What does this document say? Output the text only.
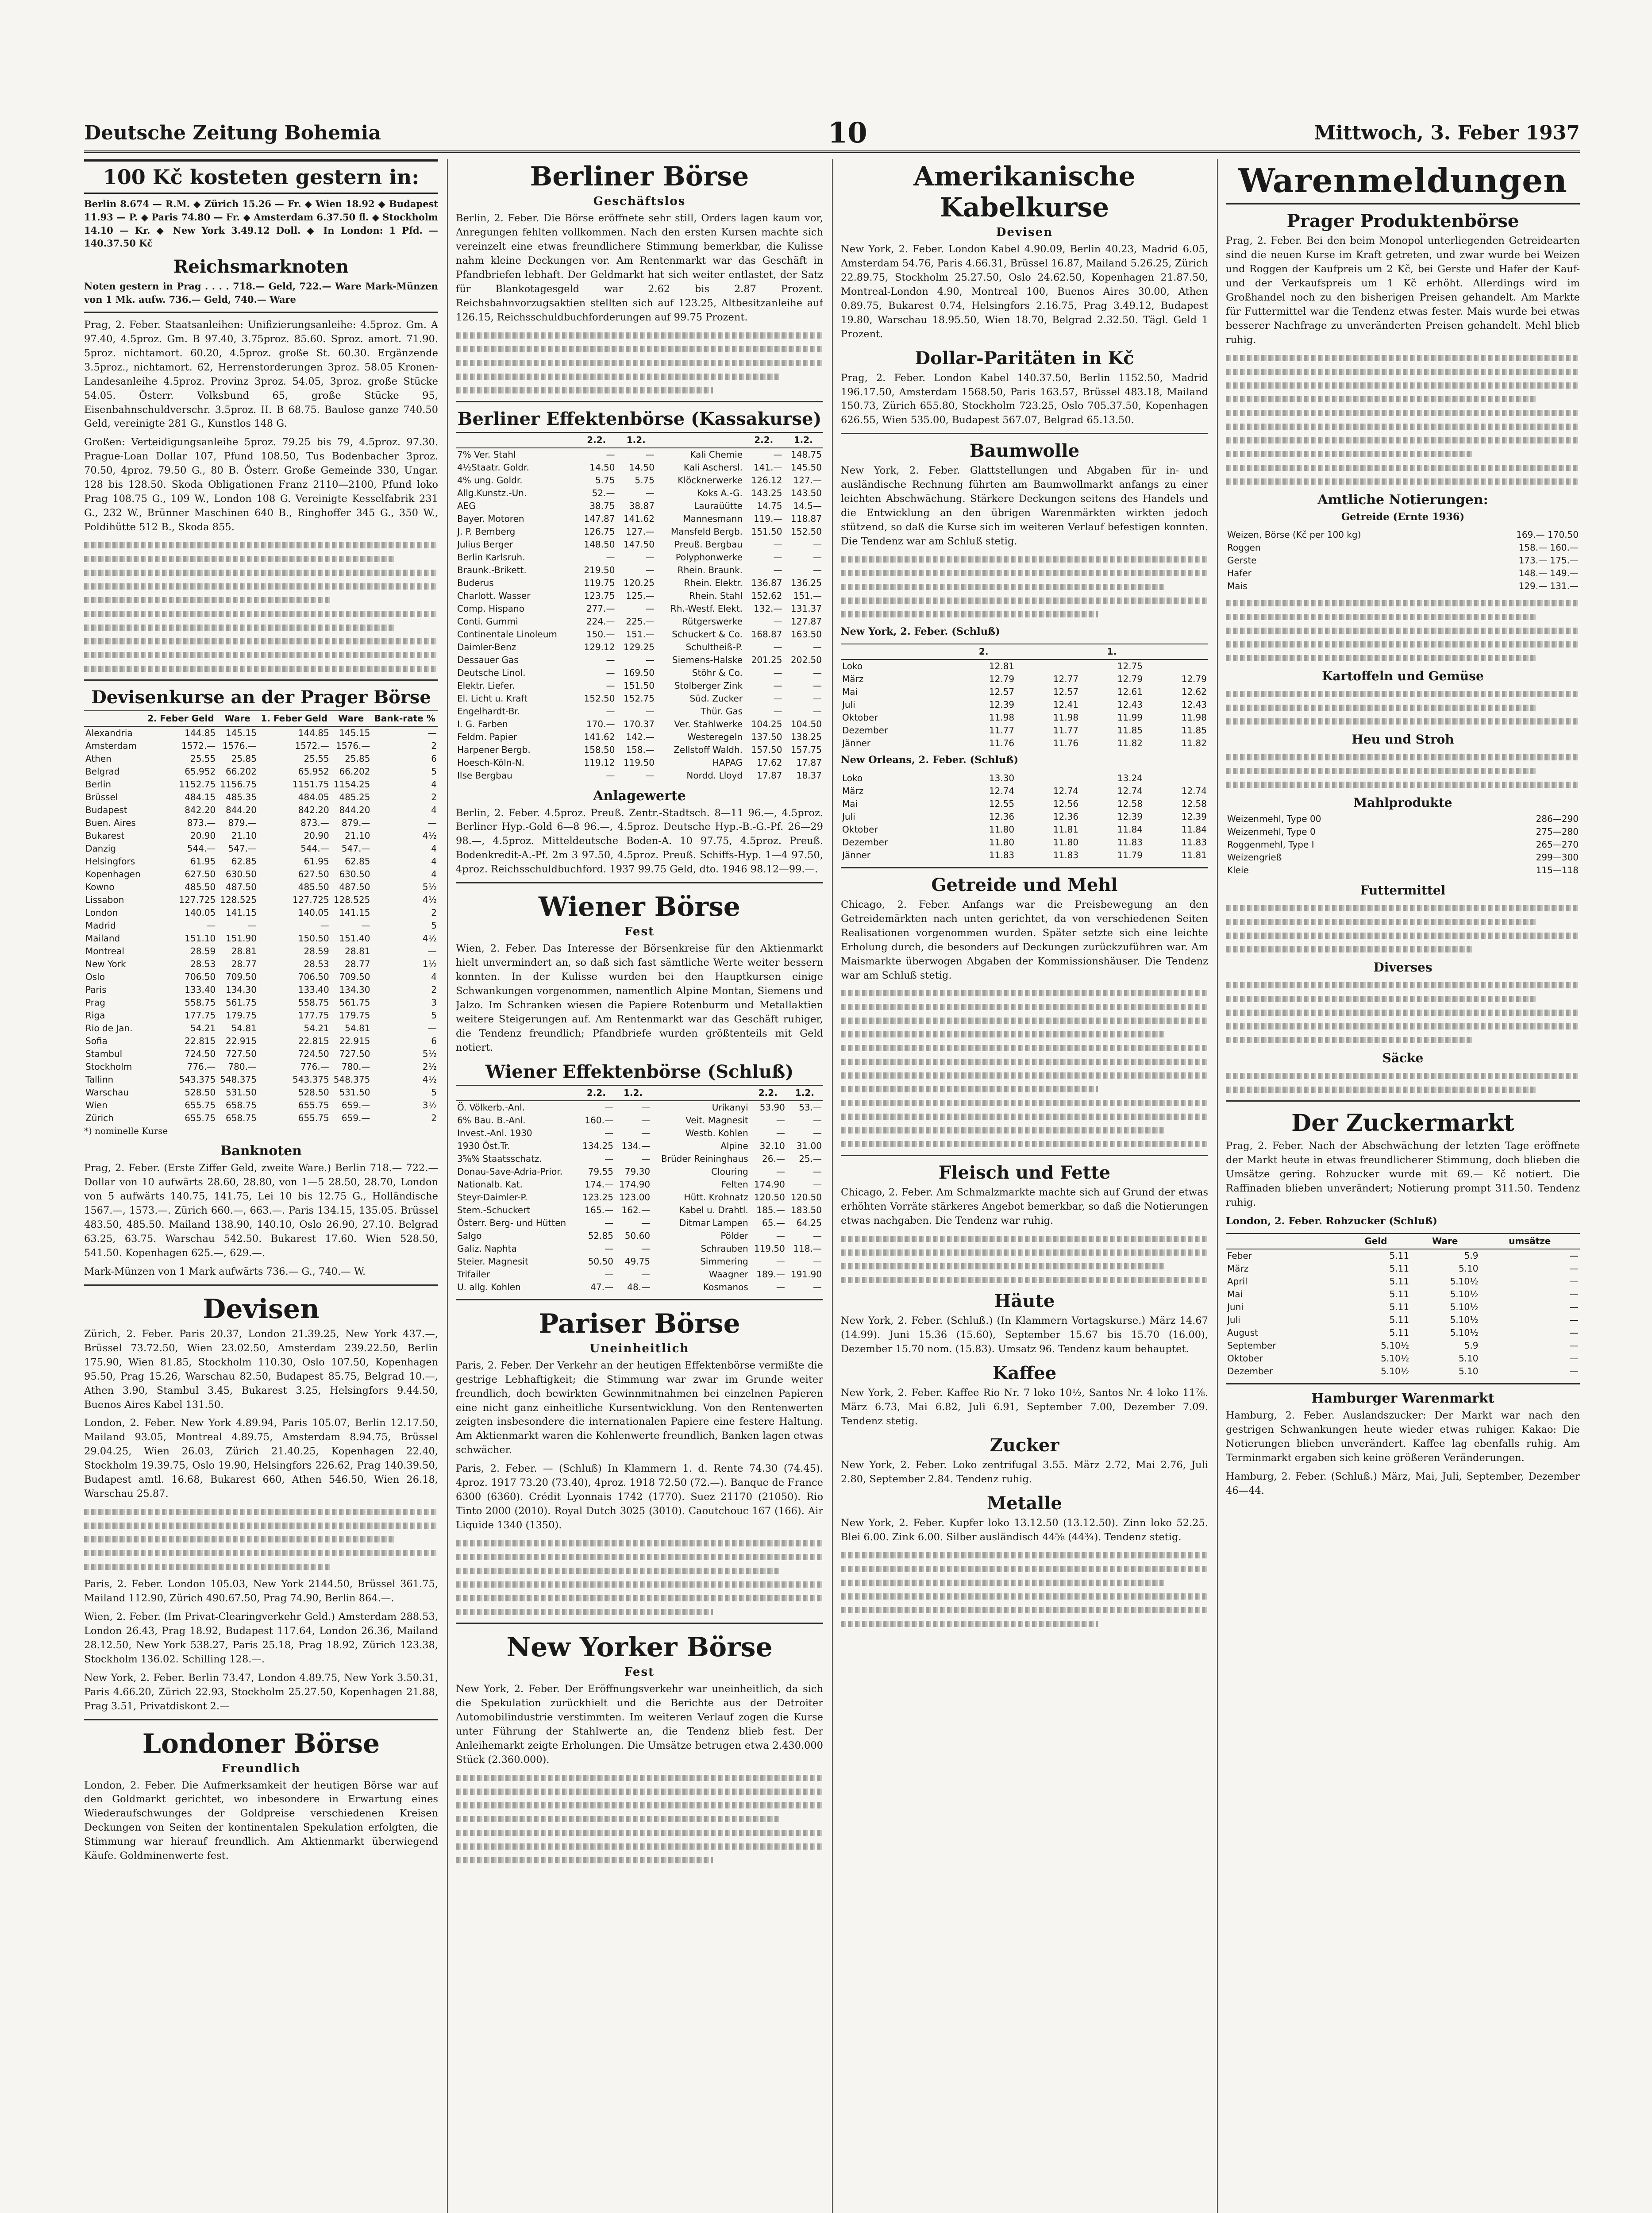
Deutsche Zeitung Bohemia	10	Mittwoch, 3. Feber 1937
100 Kč kosteten gestern in:

Berlin 8.674 — R.M. ◆ Zürich 15.26 — Fr. ◆ Wien 18.92 ◆ Budapest 11.93 — P. ◆ Paris 74.80 — Fr. ◆ Amsterdam 6.37.50 fl. ◆ Stockholm 14.10 — Kr. ◆ New York 3.49.12 Doll. ◆ In London: 1 Pfd. — 140.37.50 Kč

Reichsmarknoten

Noten gestern in Prag . . . . 718.— Geld, 722.— Ware Mark-Münzen von 1 Mk. aufw. 736.— Geld, 740.— Ware

Prag, 2. Feber. Staatsanleihen: Unifizierungsanleihe: 4.5proz. Gm. A 97.40, 4.5proz. Gm. B 97.40, 3.75proz. 85.60. Sproz. amort. 71.90. 5proz. nichtamort. 60.20, 4.5proz. große St. 60.30. Ergänzende 3.5proz., nichtamort. 62, Herrenstorderungen 3proz. 58.05 Kronen-Landesanleihe 4.5proz. Provinz 3proz. 54.05, 3proz. große Stücke 54.05. Österr. Volksbund 65, große Stücke 95, Eisenbahnschuldverschr. 3.5proz. II. B 68.75. Baulose ganze 740.50 Geld, vereinigte 281 G., Kunstlos 148 G.

Großen: Verteidigungsanleihe 5proz. 79.25 bis 79, 4.5proz. 97.30. Prague-Loan Dollar 107, Pfund 108.50, Tus Bodenbacher 3proz. 70.50, 4proz. 79.50 G., 80 B. Österr. Große Gemeinde 330, Ungar. 128 bis 128.50. Skoda Obligationen Franz 2110—2100, Pfund loko Prag 108.75 G., 109 W., London 108 G. Vereinigte Kesselfabrik 231 G., 232 W., Brünner Maschinen 640 B., Ringhoffer 345 G., 350 W., Poldihütte 512 B., Skoda 855.

Devisenkurse an der Prager Börse
	2. Feber Geld	Ware	1. Feber Geld	Ware	Bank-rate %
Alexandria	144.85	145.15	144.85	145.15	—
Amsterdam	1572.—	1576.—	1572.—	1576.—	2
Athen	25.55	25.85	25.55	25.85	6
Belgrad	65.952	66.202	65.952	66.202	5
Berlin	1152.75	1156.75	1151.75	1154.25	4
Brüssel	484.15	485.35	484.05	485.25	2
Budapest	842.20	844.20	842.20	844.20	4
Buen. Aires	873.—	879.—	873.—	879.—	—
Bukarest	20.90	21.10	20.90	21.10	4½
Danzig	544.—	547.—	544.—	547.—	4
Helsingfors	61.95	62.85	61.95	62.85	4
Kopenhagen	627.50	630.50	627.50	630.50	4
Kowno	485.50	487.50	485.50	487.50	5½
Lissabon	127.725	128.525	127.725	128.525	4½
London	140.05	141.15	140.05	141.15	2
Madrid	—	—	—	—	5
Mailand	151.10	151.90	150.50	151.40	4½
Montreal	28.59	28.81	28.59	28.81	—
New York	28.53	28.77	28.53	28.77	1½
Oslo	706.50	709.50	706.50	709.50	4
Paris	133.40	134.30	133.40	134.30	2
Prag	558.75	561.75	558.75	561.75	3
Riga	177.75	179.75	177.75	179.75	5
Rio de Jan.	54.21	54.81	54.21	54.81	—
Sofia	22.815	22.915	22.815	22.915	6
Stambul	724.50	727.50	724.50	727.50	5½
Stockholm	776.—	780.—	776.—	780.—	2½
Tallinn	543.375	548.375	543.375	548.375	4½
Warschau	528.50	531.50	528.50	531.50	5
Wien	655.75	658.75	655.75	659.—	3½
Zürich	655.75	658.75	655.75	659.—	2

*) nominelle Kurse

Banknoten

Prag, 2. Feber. (Erste Ziffer Geld, zweite Ware.) Berlin 718.— 722.— Dollar von 10 aufwärts 28.60, 28.80, von 1—5 28.50, 28.70, London von 5 aufwärts 140.75, 141.75, Lei 10 bis 12.75 G., Holländische 1567.—, 1573.—. Zürich 660.—, 663.—. Paris 134.15, 135.05. Brüssel 483.50, 485.50. Mailand 138.90, 140.10, Oslo 26.90, 27.10. Belgrad 63.25, 63.75. Warschau 542.50. Bukarest 17.60. Wien 528.50, 541.50. Kopenhagen 625.—, 629.—.

Mark-Münzen von 1 Mark aufwärts 736.— G., 740.— W.

Devisen

Zürich, 2. Feber. Paris 20.37, London 21.39.25, New York 437.—, Brüssel 73.72.50, Wien 23.02.50, Amsterdam 239.22.50, Berlin 175.90, Wien 81.85, Stockholm 110.30, Oslo 107.50, Kopenhagen 95.50, Prag 15.26, Warschau 82.50, Budapest 85.75, Belgrad 10.—, Athen 3.90, Stambul 3.45, Bukarest 3.25, Helsingfors 9.44.50, Buenos Aires Kabel 131.50.

London, 2. Feber. New York 4.89.94, Paris 105.07, Berlin 12.17.50, Mailand 93.05, Montreal 4.89.75, Amsterdam 8.94.75, Brüssel 29.04.25, Wien 26.03, Zürich 21.40.25, Kopenhagen 22.40, Stockholm 19.39.75, Oslo 19.90, Helsingfors 226.62, Prag 140.39.50, Budapest amtl. 16.68, Bukarest 660, Athen 546.50, Wien 26.18, Warschau 25.87.

Paris, 2. Feber. London 105.03, New York 2144.50, Brüssel 361.75, Mailand 112.90, Zürich 490.67.50, Prag 74.90, Berlin 864.—.

Wien, 2. Feber. (Im Privat-Clearingverkehr Geld.) Amsterdam 288.53, London 26.43, Prag 18.92, Budapest 117.64, London 26.36, Mailand 28.12.50, New York 538.27, Paris 25.18, Prag 18.92, Zürich 123.38, Stockholm 136.02. Schilling 128.—.

New York, 2. Feber. Berlin 73.47, London 4.89.75, New York 3.50.31, Paris 4.66.20, Zürich 22.93, Stockholm 25.27.50, Kopenhagen 21.88, Prag 3.51, Privatdiskont 2.—

Londoner Börse
Freundlich

London, 2. Feber. Die Aufmerksamkeit der heutigen Börse war auf den Goldmarkt gerichtet, wo inbesondere in Erwartung eines Wiederaufschwunges der Goldpreise verschiedenen Kreisen Deckungen von Seiten der kontinentalen Spekulation erfolgten, die Stimmung war hierauf freundlich. Am Aktienmarkt überwiegend Käufe. Goldminenwerte fest.

Berliner Börse
Geschäftslos

Berlin, 2. Feber. Die Börse eröffnete sehr still, Orders lagen kaum vor, Anregungen fehlten vollkommen. Nach den ersten Kursen machte sich vereinzelt eine etwas freundlichere Stimmung bemerkbar, die Kulisse nahm kleine Deckungen vor. Am Rentenmarkt war das Geschäft in Pfandbriefen lebhaft. Der Geldmarkt hat sich weiter entlastet, der Satz für Blankotagesgeld war 2.62 bis 2.87 Prozent. Reichsbahnvorzugsaktien stellten sich auf 123.25, Altbesitzanleihe auf 126.15, Reichsschuldbuchforderungen auf 99.75 Prozent.

Berliner Effektenbörse (Kassakurse)
	2.2.	1.2.		2.2.	1.2.
7% Ver. Stahl	—	—	Kali Chemie	—	148.75
4½Staatr. Goldr.	14.50	14.50	Kali Aschersl.	141.—	145.50
4% ung. Goldr.	5.75	5.75	Klöcknerwerke	126.12	127.—
Allg.Kunstz.-Un.	52.—	—	Koks A.-G.	143.25	143.50
AEG	38.75	38.87	Lauraüütte	14.75	14.5—
Bayer. Motoren	147.87	141.62	Mannesmann	119.—	118.87
J. P. Bemberg	126.75	127.—	Mansfeld Bergb.	151.50	152.50
Julius Berger	148.50	147.50	Preuß. Bergbau	—	—
Berlin Karlsruh.	—	—	Polyphonwerke	—	—
Braunk.-Brikett.	219.50	—	Rhein. Braunk.	—	—
Buderus	119.75	120.25	Rhein. Elektr.	136.87	136.25
Charlott. Wasser	123.75	125.—	Rhein. Stahl	152.62	151.—
Comp. Hispano	277.—	—	Rh.-Westf. Elekt.	132.—	131.37
Conti. Gummi	224.—	225.—	Rütgerswerke	—	127.87
Continentale Linoleum	150.—	151.—	Schuckert & Co.	168.87	163.50
Daimler-Benz	129.12	129.25	Schultheiß-P.	—	—
Dessauer Gas	—	—	Siemens-Halske	201.25	202.50
Deutsche Linol.	—	169.50	Stöhr & Co.	—	—
Elektr. Liefer.	—	151.50	Stolberger Zink	—	—
El. Licht u. Kraft	152.50	152.75	Süd. Zucker	—	—
Engelhardt-Br.	—	—	Thür. Gas	—	—
I. G. Farben	170.—	170.37	Ver. Stahlwerke	104.25	104.50
Feldm. Papier	141.62	142.—	Westeregeln	137.50	138.25
Harpener Bergb.	158.50	158.—	Zellstoff Waldh.	157.50	157.75
Hoesch-Köln-N.	119.12	119.50	HAPAG	17.62	17.87
Ilse Bergbau	—	—	Nordd. Lloyd	17.87	18.37
Anlagewerte

Berlin, 2. Feber. 4.5proz. Preuß. Zentr.-Stadtsch. 8—11 96.—, 4.5proz. Berliner Hyp.-Gold 6—8 96.—, 4.5proz. Deutsche Hyp.-B.-G.-Pf. 26—29 98.—, 4.5proz. Mitteldeutsche Boden-A. 10 97.75, 4.5proz. Preuß. Bodenkredit-A.-Pf. 2m 3 97.50, 4.5proz. Preuß. Schiffs-Hyp. 1—4 97.50, 4proz. Reichsschuldbuchford. 1937 99.75 Geld, dto. 1946 98.12—99.—.

Wiener Börse
Fest

Wien, 2. Feber. Das Interesse der Börsenkreise für den Aktienmarkt hielt unvermindert an, so daß sich fast sämtliche Werte weiter bessern konnten. In der Kulisse wurden bei den Hauptkursen einige Schwankungen vorgenommen, namentlich Alpine Montan, Siemens und Jalzo. Im Schranken wiesen die Papiere Rotenburm und Metallaktien weitere Steigerungen auf. Am Rentenmarkt war das Geschäft ruhiger, die Tendenz freundlich; Pfandbriefe wurden größtenteils mit Geld notiert.

Wiener Effektenbörse (Schluß)
	2.2.	1.2.		2.2.	1.2.
Ö. Völkerb.-Anl.	—	—	Urikanyi	53.90	53.—
6% Bau. B.-Anl.	160.—	—	Veit. Magnesit	—	—
Invest.-Anl. 1930	—	—	Westb. Kohlen	—	—
1930 Öst.Tr.	134.25	134.—	Alpine	32.10	31.00
3⅝% Staatsschatz.	—	—	Brüder Reininghaus	26.—	25.—
Donau-Save-Adria-Prior.	79.55	79.30	Clouring	—	—
Nationalb. Kat.	174.—	174.90	Felten	174.90	—
Steyr-Daimler-P.	123.25	123.00	Hütt. Krohnatz	120.50	120.50
Stem.-Schuckert	165.—	162.—	Kabel u. Drahtl.	185.—	183.50
Österr. Berg- und Hütten	—	—	Ditmar Lampen	65.—	64.25
Salgo	52.85	50.60	Pölder	—	—
Galiz. Naphta	—	—	Schrauben	119.50	118.—
Steier. Magnesit	50.50	49.75	Simmering	—	—
Trifailer	—	—	Waagner	189.—	191.90
U. allg. Kohlen	47.—	48.—	Kosmanos	—	—
Pariser Börse
Uneinheitlich

Paris, 2. Feber. Der Verkehr an der heutigen Effektenbörse vermißte die gestrige Lebhaftigkeit; die Stimmung war zwar im Grunde weiter freundlich, doch bewirkten Gewinnmitnahmen bei einzelnen Papieren eine nicht ganz einheitliche Kursentwicklung. Von den Rentenwerten zeigten insbesondere die internationalen Papiere eine festere Haltung. Am Aktienmarkt waren die Kohlenwerte freundlich, Banken lagen etwas schwächer.

Paris, 2. Feber. — (Schluß) In Klammern 1. d. Rente 74.30 (74.45). 4proz. 1917 73.20 (73.40), 4proz. 1918 72.50 (72.—). Banque de France 6300 (6360). Crédit Lyonnais 1742 (1770). Suez 21170 (21050). Rio Tinto 2000 (2010). Royal Dutch 3025 (3010). Caoutchouc 167 (166). Air Liquide 1340 (1350).

New Yorker Börse
Fest

New York, 2. Feber. Der Eröffnungsverkehr war uneinheitlich, da sich die Spekulation zurückhielt und die Berichte aus der Detroiter Automobilindustrie verstimmten. Im weiteren Verlauf zogen die Kurse unter Führung der Stahlwerte an, die Tendenz blieb fest. Der Anleihemarkt zeigte Erholungen. Die Umsätze betrugen etwa 2.430.000 Stück (2.360.000).

Amerikanische Kabelkurse
Devisen

New York, 2. Feber. London Kabel 4.90.09, Berlin 40.23, Madrid 6.05, Amsterdam 54.76, Paris 4.66.31, Brüssel 16.87, Mailand 5.26.25, Zürich 22.89.75, Stockholm 25.27.50, Oslo 24.62.50, Kopenhagen 21.87.50, Montreal-London 4.90, Montreal 100, Buenos Aires 30.00, Athen 0.89.75, Bukarest 0.74, Helsingfors 2.16.75, Prag 3.49.12, Budapest 19.80, Warschau 18.95.50, Wien 18.70, Belgrad 2.32.50. Tägl. Geld 1 Prozent.

Dollar-Paritäten in Kč

Prag, 2. Feber. London Kabel 140.37.50, Berlin 1152.50, Madrid 196.17.50, Amsterdam 1568.50, Paris 163.57, Brüssel 483.18, Mailand 150.73, Zürich 655.80, Stockholm 723.25, Oslo 705.37.50, Kopenhagen 626.55, Wien 535.00, Budapest 567.07, Belgrad 65.13.50.

Baumwolle

New York, 2. Feber. Glattstellungen und Abgaben für in- und ausländische Rechnung führten am Baumwollmarkt anfangs zu einer leichten Abschwächung. Stärkere Deckungen seitens des Handels und die Entwicklung an den übrigen Warenmärkten wirkten jedoch stützend, so daß die Kurse sich im weiteren Verlauf befestigen konnten. Die Tendenz war am Schluß stetig.

New York, 2. Feber. (Schluß)

	2.		1.	
Loko	12.81		12.75	
März	12.79	12.77	12.79	12.79
Mai	12.57	12.57	12.61	12.62
Juli	12.39	12.41	12.43	12.43
Oktober	11.98	11.98	11.99	11.98
Dezember	11.77	11.77	11.85	11.85
Jänner	11.76	11.76	11.82	11.82

New Orleans, 2. Feber. (Schluß)

Loko	13.30		13.24	
März	12.74	12.74	12.74	12.74
Mai	12.55	12.56	12.58	12.58
Juli	12.36	12.36	12.39	12.39
Oktober	11.80	11.81	11.84	11.84
Dezember	11.80	11.80	11.83	11.83
Jänner	11.83	11.83	11.79	11.81
Getreide und Mehl

Chicago, 2. Feber. Anfangs war die Preisbewegung an den Getreidemärkten nach unten gerichtet, da von verschiedenen Seiten Realisationen vorgenommen wurden. Später setzte sich eine leichte Erholung durch, die besonders auf Deckungen zurückzuführen war. Am Maismarkte überwogen Abgaben der Kommissionshäuser. Die Tendenz war am Schluß stetig.

Fleisch und Fette

Chicago, 2. Feber. Am Schmalzmarkte machte sich auf Grund der etwas erhöhten Vorräte stärkeres Angebot bemerkbar, so daß die Notierungen etwas nachgaben. Die Tendenz war ruhig.

Häute

New York, 2. Feber. (Schluß.) (In Klammern Vortagskurse.) März 14.67 (14.99). Juni 15.36 (15.60), September 15.67 bis 15.70 (16.00), Dezember 15.70 nom. (15.83). Umsatz 96. Tendenz kaum behauptet.

Kaffee

New York, 2. Feber. Kaffee Rio Nr. 7 loko 10½, Santos Nr. 4 loko 11⅞. März 6.73, Mai 6.82, Juli 6.91, September 7.00, Dezember 7.09. Tendenz stetig.

Zucker

New York, 2. Feber. Loko zentrifugal 3.55. März 2.72, Mai 2.76, Juli 2.80, September 2.84. Tendenz ruhig.

Metalle

New York, 2. Feber. Kupfer loko 13.12.50 (13.12.50). Zinn loko 52.25. Blei 6.00. Zink 6.00. Silber ausländisch 44⅝ (44¾). Tendenz stetig.

Warenmeldungen
Prager Produktenbörse

Prag, 2. Feber. Bei den beim Monopol unterliegenden Getreidearten sind die neuen Kurse im Kraft getreten, und zwar wurde bei Weizen und Roggen der Kaufpreis um 2 Kč, bei Gerste und Hafer der Kauf- und der Verkaufspreis um 1 Kč erhöht. Allerdings wird im Großhandel noch zu den bisherigen Preisen gehandelt. Am Markte für Futtermittel war die Tendenz etwas fester. Mais wurde bei etwas besserer Nachfrage zu unveränderten Preisen gehandelt. Mehl blieb ruhig.

Amtliche Notierungen:

Getreide (Ernte 1936)

Weizen, Börse (Kč per 100 kg)	169.— 170.50
Roggen	158.— 160.—
Gerste	173.— 175.—
Hafer	148.— 149.—
Mais	129.— 131.—
Kartoffeln und Gemüse
Heu und Stroh
Mahlprodukte
Weizenmehl, Type 00	286—290
Weizenmehl, Type 0	275—280
Roggenmehl, Type I	265—270
Weizengrieß	299—300
Kleie	115—118
Futtermittel
Diverses
Säcke
Der Zuckermarkt

Prag, 2. Feber. Nach der Abschwächung der letzten Tage eröffnete der Markt heute in etwas freundlicherer Stimmung, doch blieben die Umsätze gering. Rohzucker wurde mit 69.— Kč notiert. Die Raffinaden blieben unverändert; Notierung prompt 311.50. Tendenz ruhig.

London, 2. Feber. Rohzucker (Schluß)

	Geld	Ware	umsätze
Feber	5.11	5.9	—
März	5.11	5.10	—
April	5.11	5.10½	—
Mai	5.11	5.10½	—
Juni	5.11	5.10½	—
Juli	5.11	5.10½	—
August	5.11	5.10½	—
September	5.10½	5.9	—
Oktober	5.10½	5.10	—
Dezember	5.10½	5.10	—
Hamburger Warenmarkt

Hamburg, 2. Feber. Auslandszucker: Der Markt war nach den gestrigen Schwankungen heute wieder etwas ruhiger. Kakao: Die Notierungen blieben unverändert. Kaffee lag ebenfalls ruhig. Am Terminmarkt ergaben sich keine größeren Veränderungen.

Hamburg, 2. Feber. (Schluß.) März, Mai, Juli, September, Dezember 46—44.
